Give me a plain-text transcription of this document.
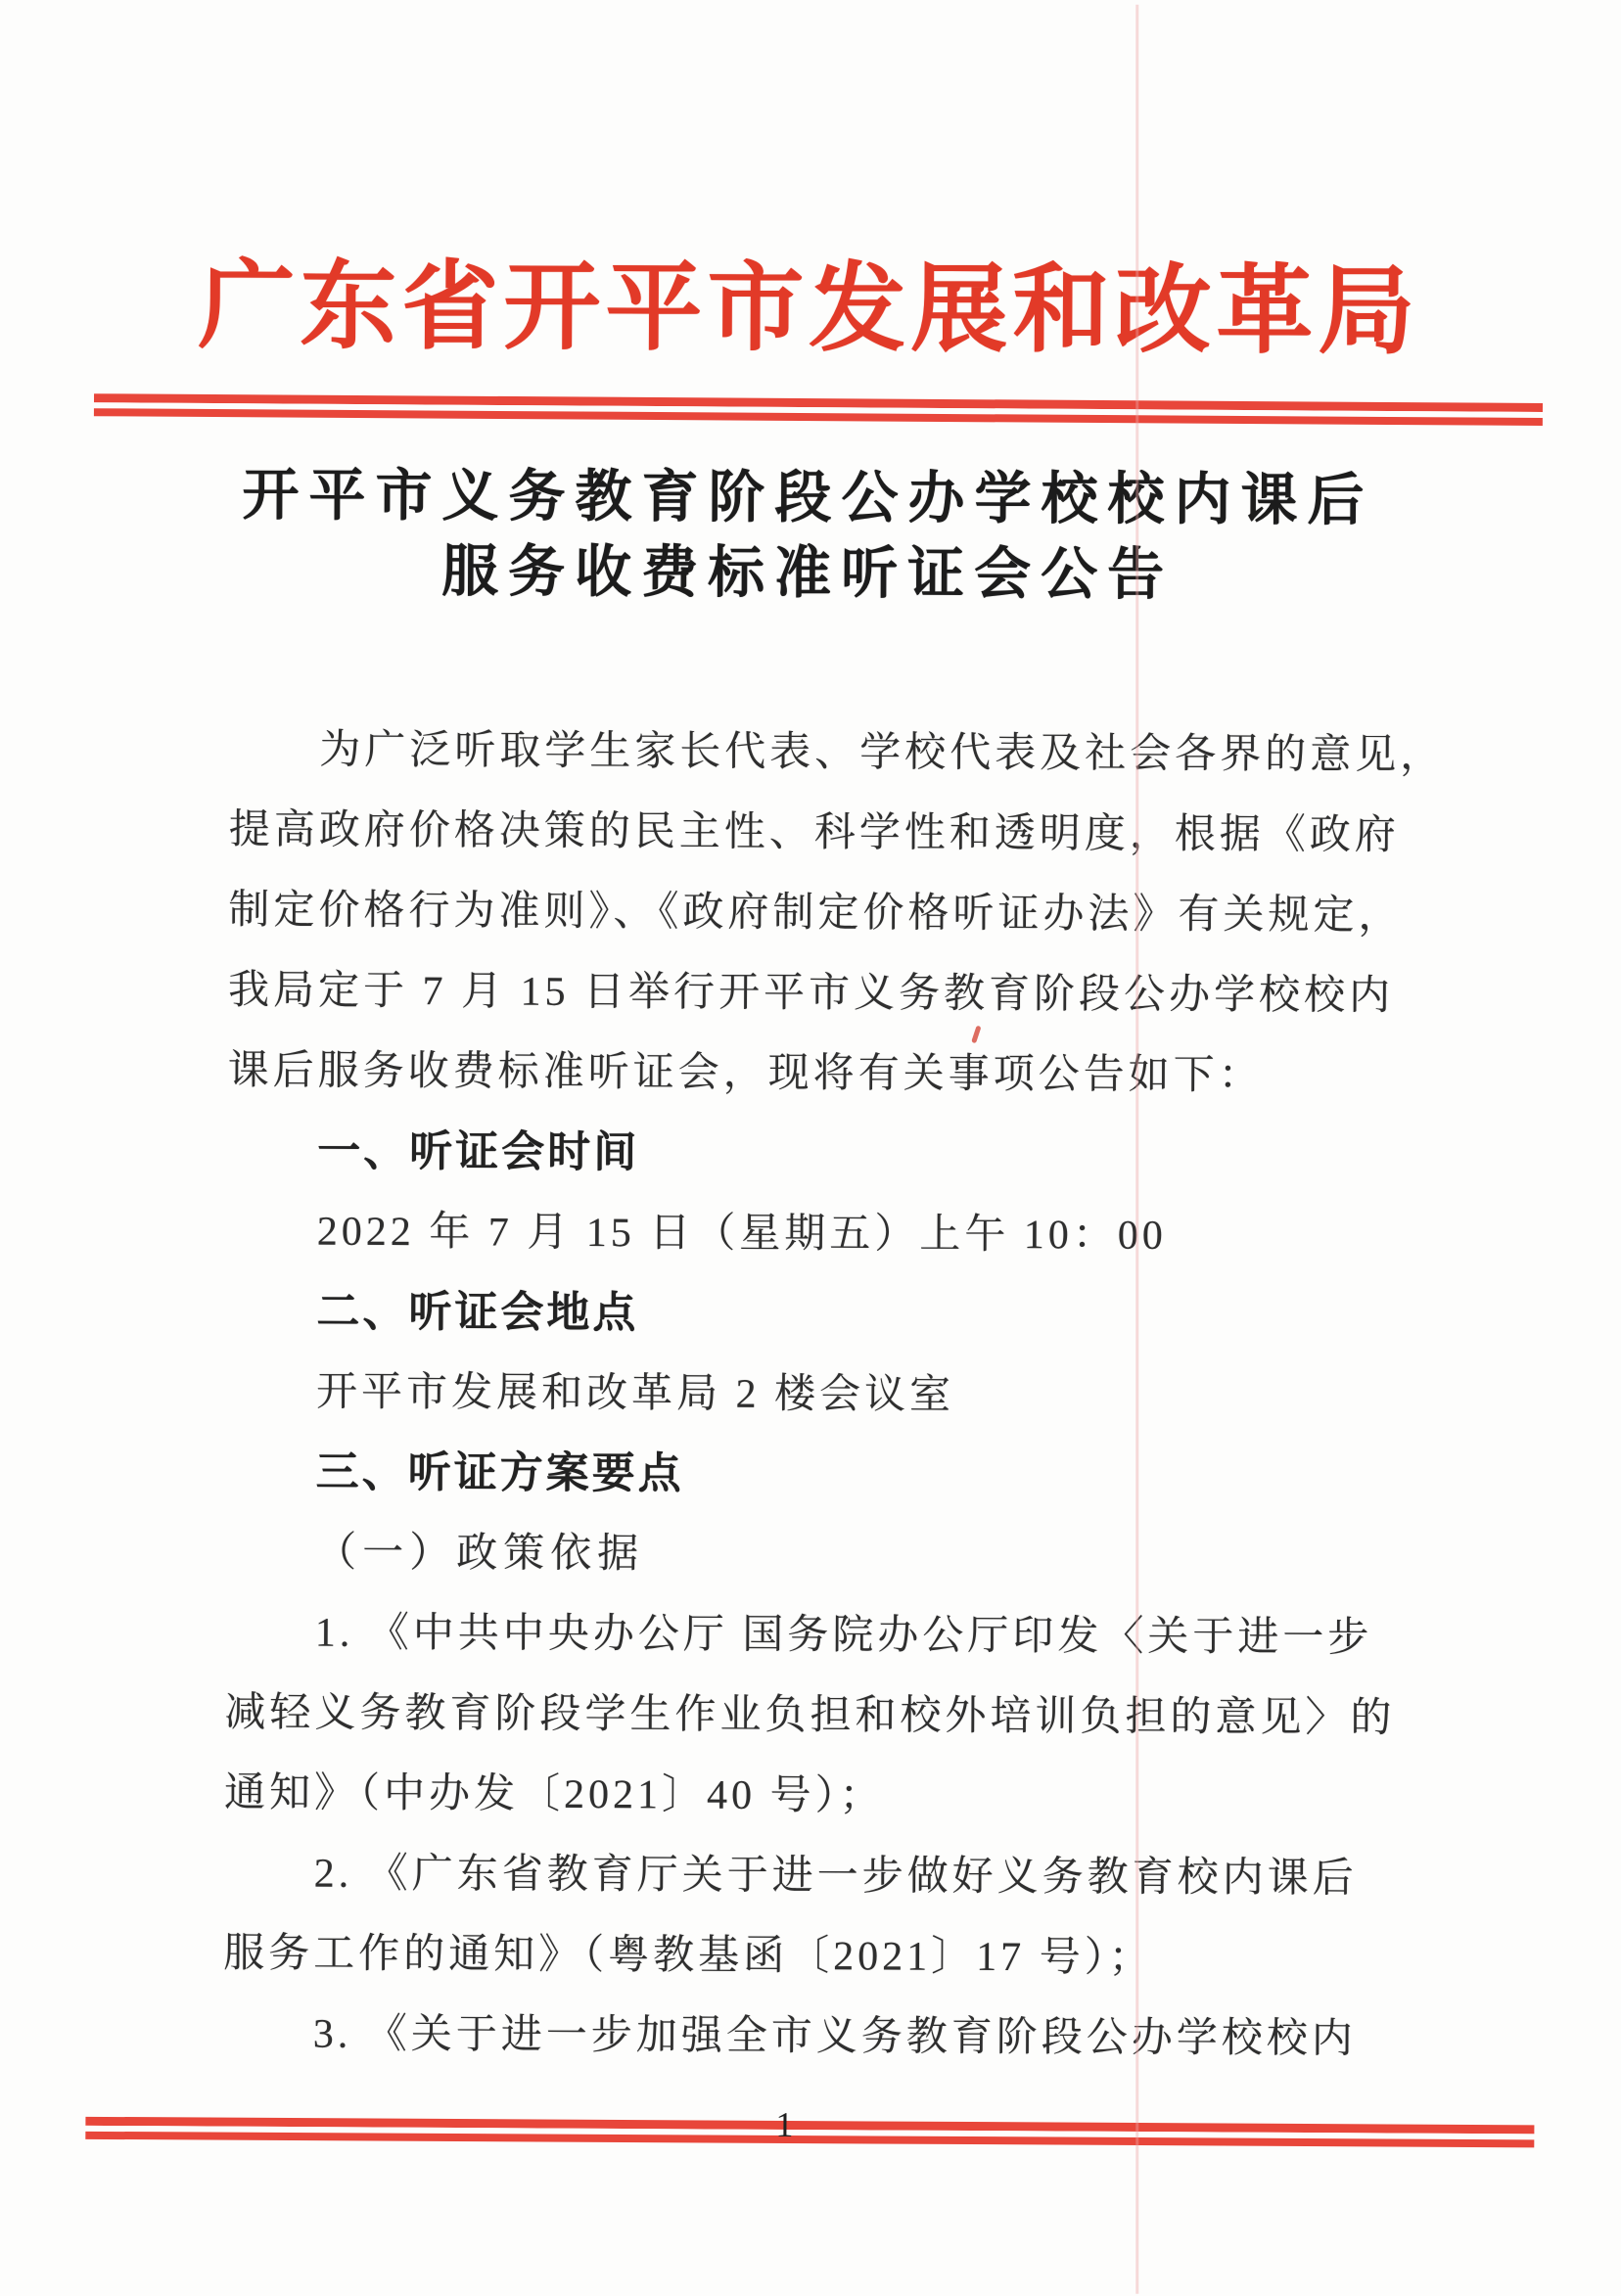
广东省开平市发展和改革局
开平市义务教育阶段公办学校校内课后
服务收费标准听证会公告
为广泛听取学生家长代表、学校代表及社会各界的意见，
提高政府价格决策的民主性、科学性和透明度，根据《政府
制定价格行为准则》、《政府制定价格听证办法》有关规定，
我局定于 7 月 15 日举行开平市义务教育阶段公办学校校内
课后服务收费标准听证会，现将有关事项公告如下：
一、听证会时间
2022 年 7 月 15 日（星期五）上午 10：00
二、听证会地点
开平市发展和改革局 2 楼会议室
三、听证方案要点
（一）政策依据
1. 《中共中央办公厅 国务院办公厅印发〈关于进一步
减轻义务教育阶段学生作业负担和校外培训负担的意见〉的
通知》（中办发〔2021〕40 号）；
2. 《广东省教育厅关于进一步做好义务教育校内课后
服务工作的通知》（粤教基函〔2021〕17 号）；
3. 《关于进一步加强全市义务教育阶段公办学校校内
1
